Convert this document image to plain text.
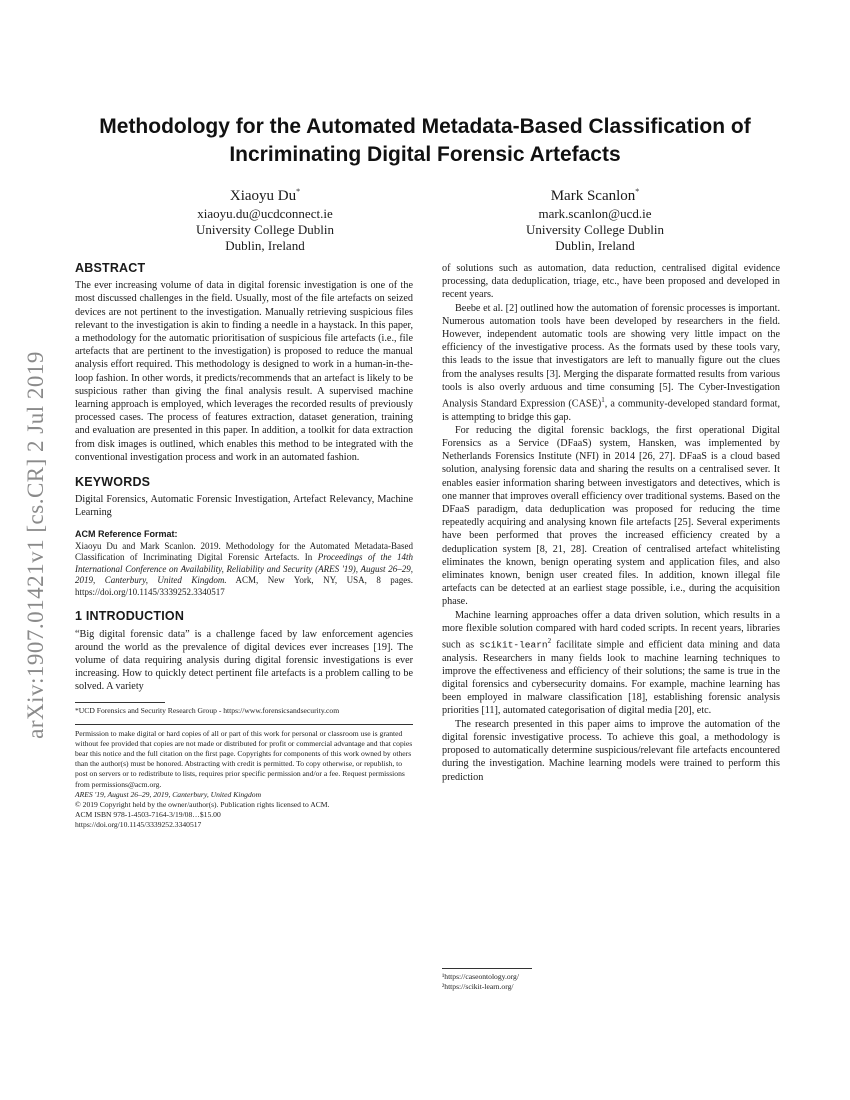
arXiv:1907.01421v1 [cs.CR] 2 Jul 2019
Methodology for the Automated Metadata-Based Classification of Incriminating Digital Forensic Artefacts
Xiaoyu Du*
xiaoyu.du@ucdconnect.ie
University College Dublin
Dublin, Ireland
Mark Scanlon*
mark.scanlon@ucd.ie
University College Dublin
Dublin, Ireland
ABSTRACT

The ever increasing volume of data in digital forensic investigation is one of the most discussed challenges in the field. Usually, most of the file artefacts on seized devices are not pertinent to the investigation. Manually retrieving suspicious files relevant to the investigation is akin to finding a needle in a haystack. In this paper, a methodology for the automatic prioritisation of suspicious file artefacts (i.e., file artefacts that are pertinent to the investigation) is proposed to reduce the manual analysis effort required. This methodology is designed to work in a human-in-the-loop fashion. In other words, it predicts/recommends that an artefact is likely to be suspicious rather than giving the final analysis result. A supervised machine learning approach is employed, which leverages the recorded results of previously processed cases. The process of features extraction, dataset generation, training and evaluation are presented in this paper. In addition, a toolkit for data extraction from disk images is outlined, which enables this method to be integrated with the conventional investigation process and work in an automated fashion.

KEYWORDS

Digital Forensics, Automatic Forensic Investigation, Artefact Relevancy, Machine Learning

ACM Reference Format:

Xiaoyu Du and Mark Scanlon. 2019. Methodology for the Automated Metadata-Based Classification of Incriminating Digital Forensic Artefacts. In Proceedings of the 14th International Conference on Availability, Reliability and Security (ARES '19), August 26–29, 2019, Canterbury, United Kingdom. ACM, New York, NY, USA, 8 pages. https://doi.org/10.1145/3339252.3340517

1 INTRODUCTION

“Big digital forensic data” is a challenge faced by law enforcement agencies around the world as the prevalence of digital devices ever increases [19]. The volume of data requiring analysis during digital forensic investigations is ever increasing. How to quickly detect pertinent file artefacts is a problem calling to be solved. A variety

*UCD Forensics and Security Research Group - https://www.forensicsandsecurity.com

Permission to make digital or hard copies of all or part of this work for personal or classroom use is granted without fee provided that copies are not made or distributed for profit or commercial advantage and that copies bear this notice and the full citation on the first page. Copyrights for components of this work owned by others than the author(s) must be honored. Abstracting with credit is permitted. To copy otherwise, or republish, to post on servers or to redistribute to lists, requires prior specific permission and/or a fee. Request permissions from permissions@acm.org.

ARES '19, August 26–29, 2019, Canterbury, United Kingdom

© 2019 Copyright held by the owner/author(s). Publication rights licensed to ACM.

ACM ISBN 978-1-4503-7164-3/19/08…$15.00

https://doi.org/10.1145/3339252.3340517

of solutions such as automation, data reduction, centralised digital evidence processing, data deduplication, triage, etc., have been proposed and developed in recent years.

Beebe et al. [2] outlined how the automation of forensic processes is important. Numerous automation tools have been developed by researchers in the field. However, independent automatic tools are showing very little impact on the efficiency of the investigative process. As the formats used by these tools vary, this leads to the issue that investigators are left to manually figure out the clues from the analyses results [3]. Merging the disparate formatted results from various tools is also overly arduous and time consuming [5]. The Cyber-Investigation Analysis Standard Expression (CASE)$^1$, a community-developed standard format, is attempting to bridge this gap.

For reducing the digital forensic backlogs, the first operational Digital Forensics as a Service (DFaaS) system, Hansken, was implemented by Netherlands Forensics Institute (NFI) in 2014 [26, 27]. DFaaS is a cloud based solution, analysing forensic data and sharing the results on a centralised sever. It enables easier information sharing between investigators and detectives, which is one manner that improves overall efficiency over traditional systems. Based on the DFaaS paradigm, data deduplication was proposed for reducing the time repeatedly acquiring and analysing known file artefacts [25]. Several experiments have been performed that proves the increased efficiency created by a deduplication system [8, 21, 28]. Creation of centralised artefact whitelisting eliminates the known, benign operating system and application files, and also eliminates known, benign user created files. In addition, known illegal file artefacts can be detected at an earliest stage possible, i.e., during the acquisition phase.

Machine learning approaches offer a data driven solution, which results in a more flexible solution compared with hard coded scripts. In recent years, libraries such as scikit-learn$^2$ facilitate simple and efficient data mining and data analysis. Researchers in many fields look to machine learning techniques to improve the effectiveness and efficiency of their solutions; the same is true in the digital forensics and cybersecurity domains. For example, machine learning has been employed in malware classification [18], establishing forensic analysis priorities [11], automated categorisation of digital media [20], etc.

The research presented in this paper aims to improve the automation of the digital forensic investigative process. To achieve this goal, a methodology is proposed to automatically determine suspicious/relevant file artefacts encountered during the investigation. Machine learning models were trained to perform this prediction

¹https://caseontology.org/

²https://scikit-learn.org/
